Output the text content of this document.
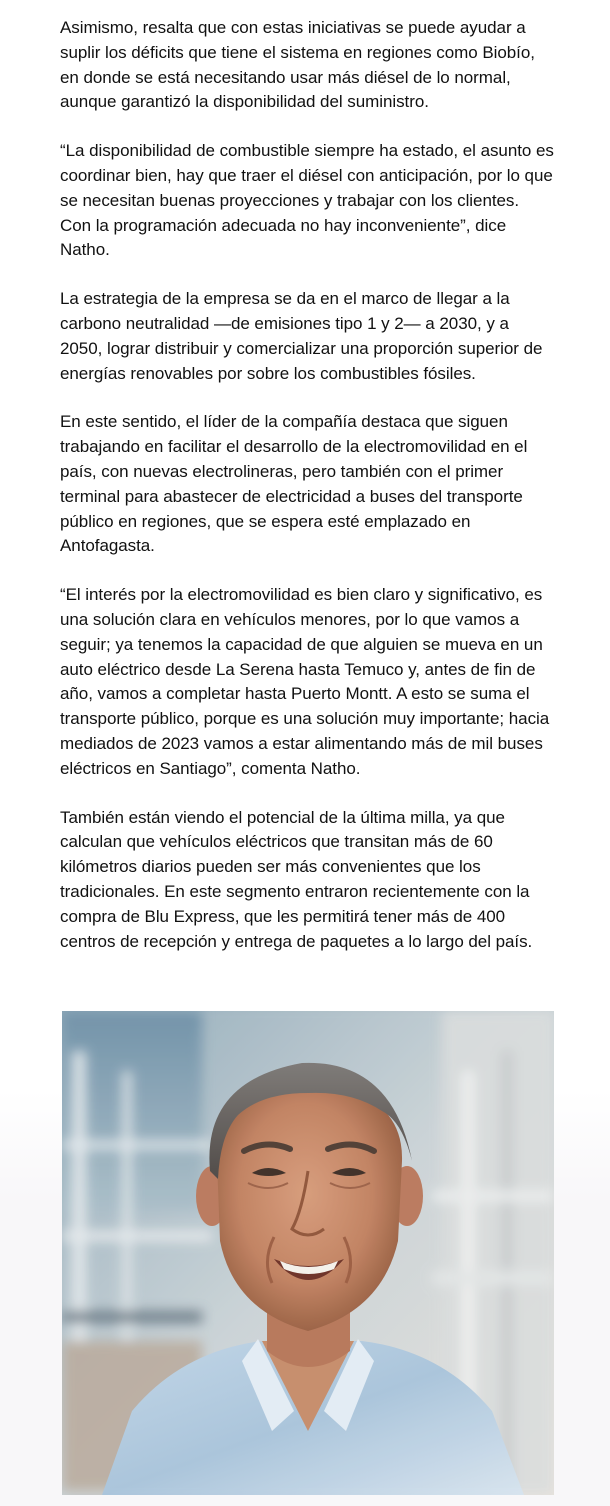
Asimismo, resalta que con estas iniciativas se puede ayudar a suplir los déficits que tiene el sistema en regiones como Biobío, en donde se está necesitando usar más diésel de lo normal, aunque garantizó la disponibilidad del suministro.

“La disponibilidad de combustible siempre ha estado, el asunto es coordinar bien, hay que traer el diésel con anticipación, por lo que se necesitan buenas proyecciones y trabajar con los clientes. Con la programación adecuada no hay inconveniente”, dice Natho.

La estrategia de la empresa se da en el marco de llegar a la carbono neutralidad —de emisiones tipo 1 y 2— a 2030, y a 2050, lograr distribuir y comercializar una proporción superior de energías renovables por sobre los combustibles fósiles.

En este sentido, el líder de la compañía destaca que siguen trabajando en facilitar el desarrollo de la electromovilidad en el país, con nuevas electrolineras, pero también con el primer terminal para abastecer de electricidad a buses del transporte público en regiones, que se espera esté emplazado en Antofagasta.

“El interés por la electromovilidad es bien claro y significativo, es una solución clara en vehículos menores, por lo que vamos a seguir; ya tenemos la capacidad de que alguien se mueva en un auto eléctrico desde La Serena hasta Temuco y, antes de fin de año, vamos a completar hasta Puerto Montt. A esto se suma el transporte público, porque es una solución muy importante; hacia mediados de 2023 vamos a estar alimentando más de mil buses eléctricos en Santiago”, comenta Natho.

También están viendo el potencial de la última milla, ya que calculan que vehículos eléctricos que transitan más de 60 kilómetros diarios pueden ser más convenientes que los tradicionales. En este segmento entraron recientemente con la compra de Blu Express, que les permitirá tener más de 400 centros de recepción y entrega de paquetes a lo largo del país.
